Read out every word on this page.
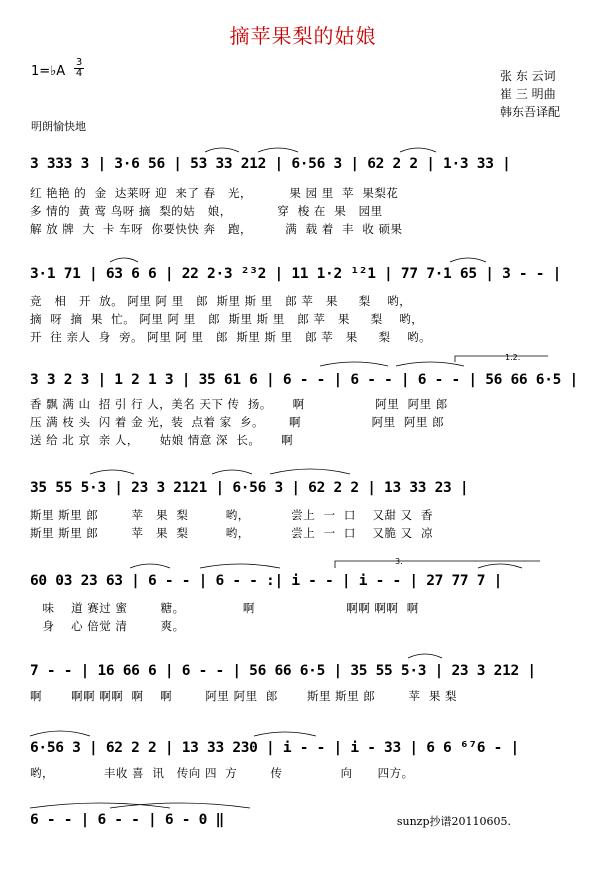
摘苹果梨的姑娘
1=♭A $\frac{3}{4}$	张 东 云词
崔 三 明曲
韩东吾译配
明朗愉快地
3 333 3 | 3·6 56 | 53 33 212 | 6·56 3 | 62 2 2 | 1·3 33 |
红 艳艳 的  金  达莱呀 迎  来了 春   光，         果 园 里  苹  果梨花
多 情的  黄 莺 鸟呀 摘  梨的姑   娘，           穿  梭 在  果   园里
解 放 牌  大  卡 车呀  你要快快 奔   跑，        满  载 着  丰  收 硕果
3·1 71 | 63 6 6 | 22 2·3 ²³2 | 11 1·2 ¹²1 | 77 7·1 65 | 3 - - |
竞   相   开  放。 阿里 阿 里   郎  斯里 斯 里   郎 苹   果     梨    哟，
摘  呀  摘  果  忙。 阿里 阿 里   郎  斯里 斯 里   郎 苹   果     梨    哟，
开  往 亲人  身  旁。 阿里 阿 里   郎  斯里 斯 里   郎 苹   果     梨    哟。
3 3 2 3 | 1 2 1 3 | 35 61 6 | 6 - - | 6 - - | 6 - - | 56 66 6·5 |
香 飘 满 山  招 引 行 人，美名 天下 传  扬。     啊                 阿里  阿里 郎
压 满 枝 头  闪 着 金 光，装  点着 家  乡。      啊                 阿里  阿里 郎
送 给 北 京  亲 人，     姑娘 情意 深  长。     啊
35 55 5·3 | 23 3 2121 | 6·56 3 | 62 2 2 | 13 33 23 |
斯里 斯里 郎        苹   果  梨         哟，          尝上  一  口    又甜 又  香
斯里 斯里 郎        苹   果  梨         哟，          尝上  一  口    又脆 又  凉
60 03 23 63 | 6 - - | 6 - - :| i - - | i - - | 27 77 7 |
味    道 赛过 蜜        糖。              啊                      啊啊 啊啊  啊
身    心 倍觉 清        爽。
7 - - | 16 66 6 | 6 - - | 56 66 6·5 | 35 55 5·3 | 23 3 212 |
啊       啊啊 啊啊  啊    啊        阿里 阿里  郎       斯里 斯里 郎        苹  果 梨
6·56 3 | 62 2 2 | 13 33 230 | i - - | i - 33 | 6 6 ⁶⁷6 - |
哟，            丰收 喜  讯   传向 四  方        传              向      四方。
6 - - | 6 - - | 6 - 0 ‖	sunzp抄谱20110605.
1.2.
3.
